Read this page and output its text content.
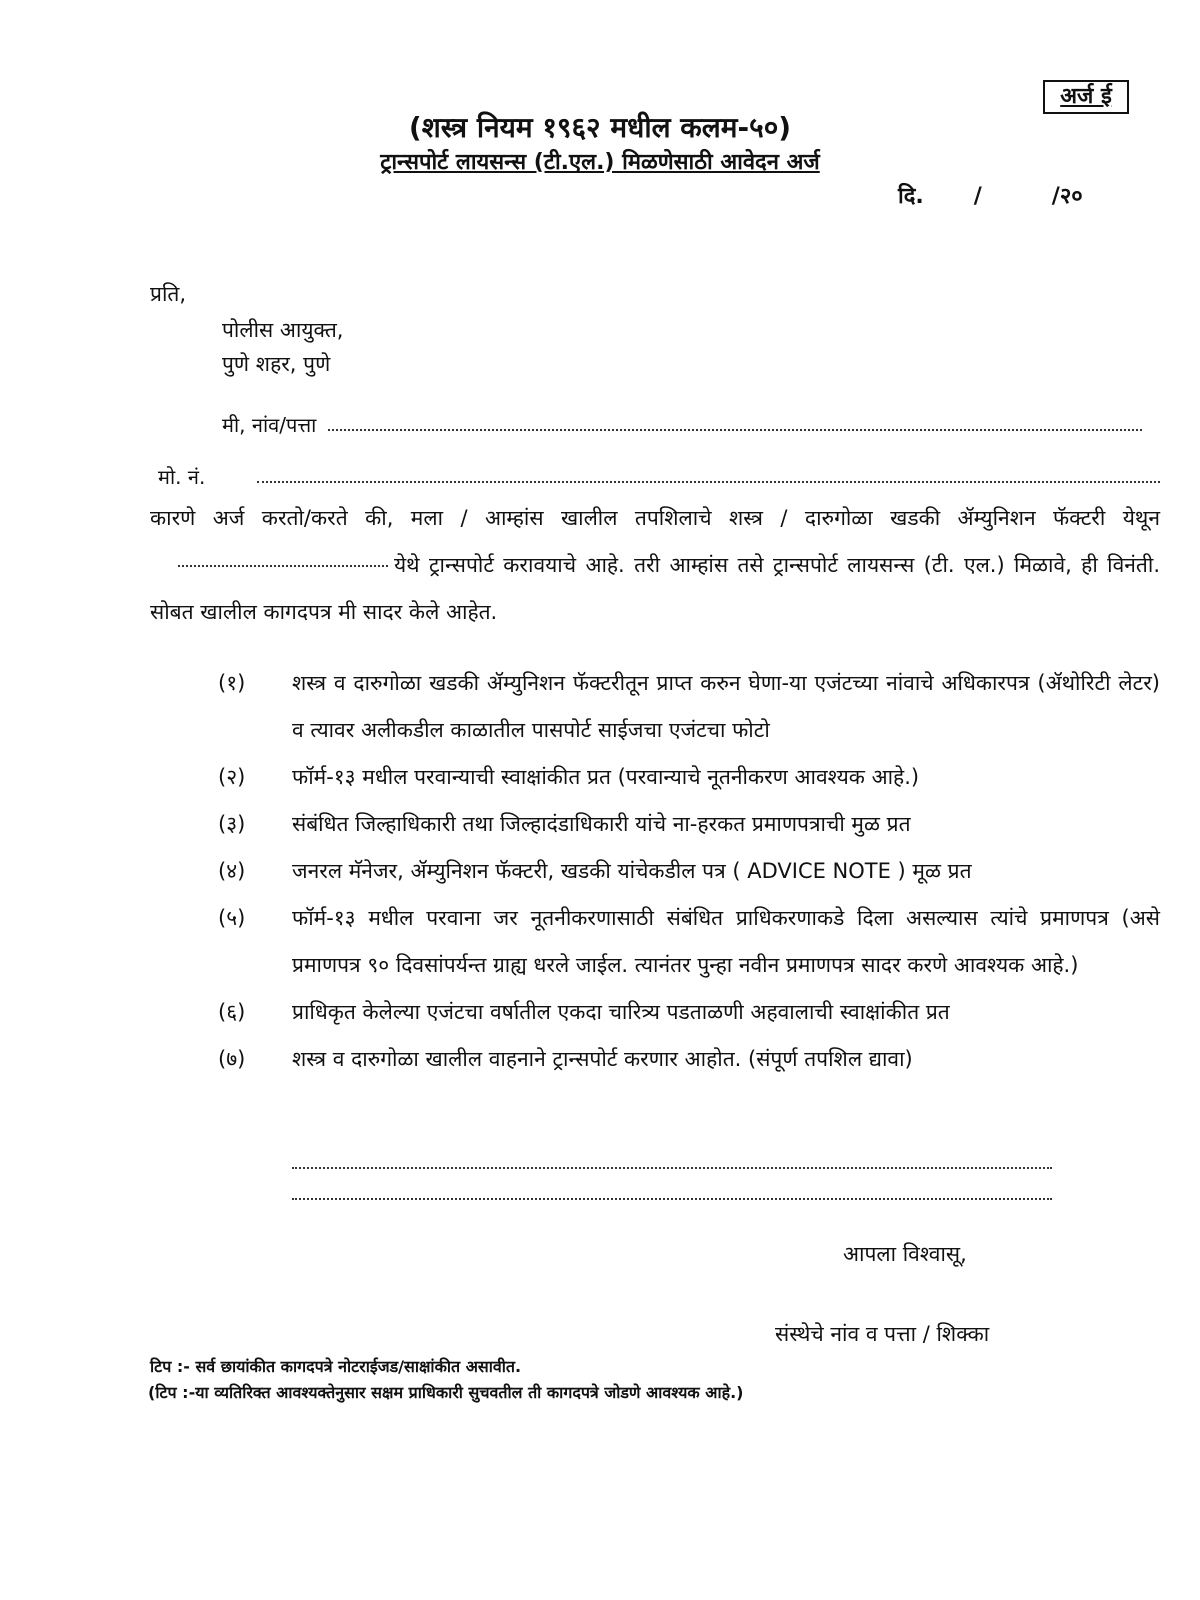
अर्ज ई
(शस्त्र नियम १९६२ मधील कलम-५०)
ट्रान्सपोर्ट लायसन्स (टी.एल.) मिळणेसाठी आवेदन अर्ज
दि. /	/२०
प्रति,
पोलीस आयुक्त,
पुणे शहर, पुणे
मी, नांव/पत्ता
मो. नं.
कारणे अर्ज करतो/करते की, मला / आम्हांस खालील तपशिलाचे शस्त्र / दारुगोळा खडकी ॲम्युनिशन फॅक्टरी येथूनयेथे ट्रान्सपोर्ट करावयाचे आहे. तरी आम्हांस तसे ट्रान्सपोर्ट लायसन्स (टी. एल.) मिळावे, ही विनंती. सोबत खालील कागदपत्र मी सादर केले आहेत.
(१)	शस्त्र व दारुगोळा खडकी ॲम्युनिशन फॅक्टरीतून प्राप्त करुन घेणा-या एजंटच्या नांवाचे अधिकारपत्र (ॲथोरिटी लेटर) व त्यावर अलीकडील काळातील पासपोर्ट साईजचा एजंटचा फोटो
(२)	फॉर्म-१३ मधील परवान्याची स्वाक्षांकीत प्रत (परवान्याचे नूतनीकरण आवश्यक आहे.)
(३)	संबंधित जिल्हाधिकारी तथा जिल्हादंडाधिकारी यांचे ना-हरकत प्रमाणपत्राची मुळ प्रत
(४)	जनरल मॅनेजर, ॲम्युनिशन फॅक्टरी, खडकी यांचेकडील पत्र ( ADVICE NOTE ) मूळ प्रत
(५)	फॉर्म-१३ मधील परवाना जर नूतनीकरणासाठी संबंधित प्राधिकरणाकडे दिला असल्यास त्यांचे प्रमाणपत्र (असे प्रमाणपत्र ९० दिवसांपर्यन्त ग्राह्य धरले जाईल. त्यानंतर पुन्हा नवीन प्रमाणपत्र सादर करणे आवश्यक आहे.)
(६)	प्राधिकृत केलेल्या एजंटचा वर्षातील एकदा चारित्र्य पडताळणी अहवालाची स्वाक्षांकीत प्रत
(७)	शस्त्र व दारुगोळा खालील वाहनाने ट्रान्सपोर्ट करणार आहोत. (संपूर्ण तपशिल द्यावा)
आपला विश्वासू,
संस्थेचे नांव व पत्ता / शिक्का
टिप :- सर्व छायांकीत कागदपत्रे नोटराईजड/साक्षांकीत असावीत.
(टिप :-या व्यतिरिक्त आवश्यक्तेनुसार सक्षम प्राधिकारी सुचवतील ती कागदपत्रे जोडणे आवश्यक आहे.)
